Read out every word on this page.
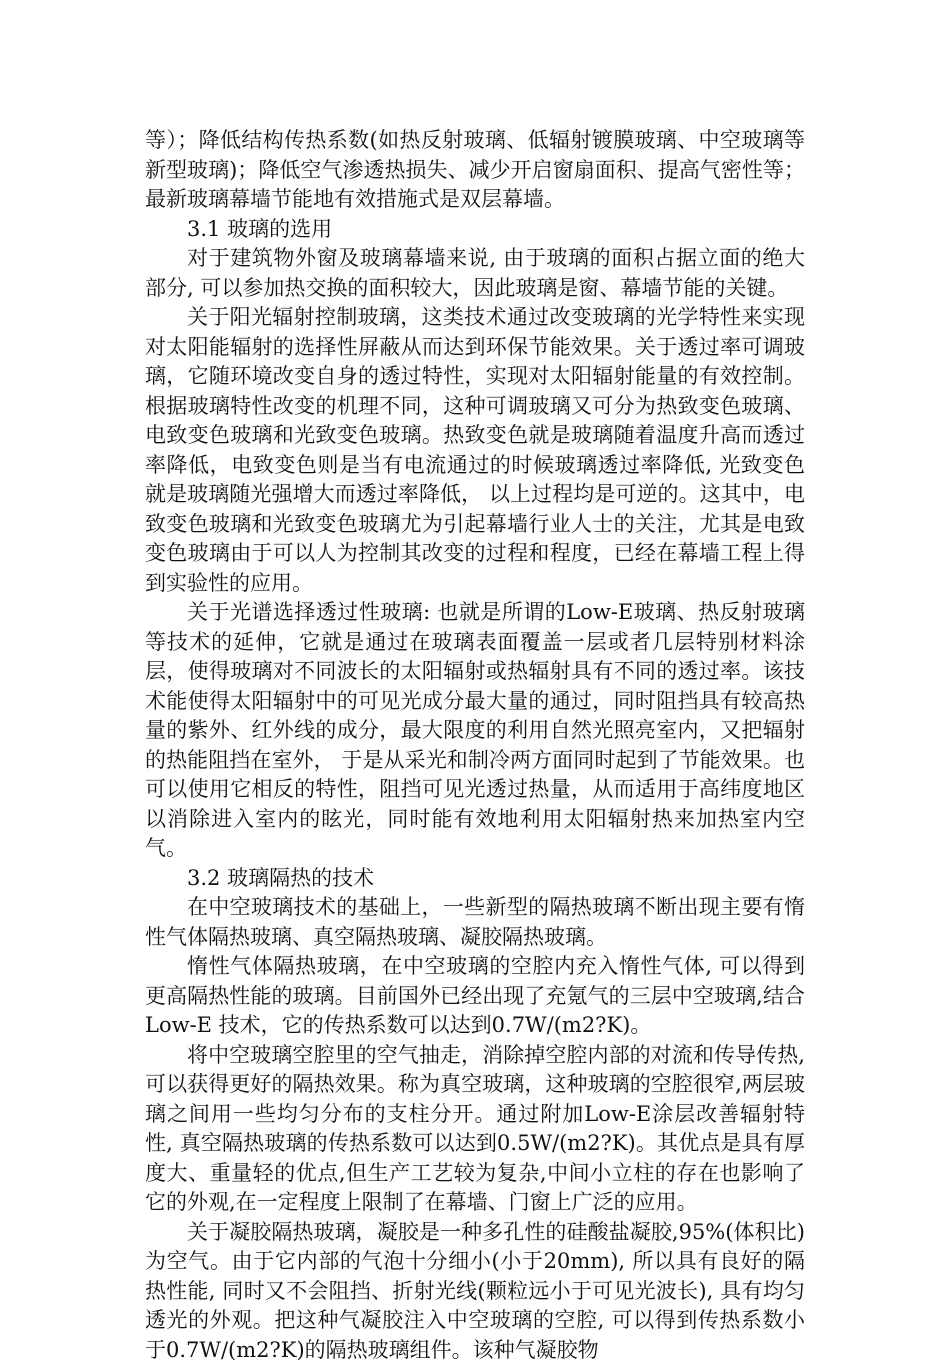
等）；降低结构传热系数(如热反射玻璃、低辐射镀膜玻璃、中空玻璃等新型玻璃)；降低空气渗透热损失、减少开启窗扇面积、提高气密性等；最新玻璃幕墙节能地有效措施式是双层幕墙。

3.1 玻璃的选用

对于建筑物外窗及玻璃幕墙来说, 由于玻璃的面积占据立面的绝大部分, 可以参加热交换的面积较大，因此玻璃是窗、幕墙节能的关键。

关于阳光辐射控制玻璃，这类技术通过改变玻璃的光学特性来实现对太阳能辐射的选择性屏蔽从而达到环保节能效果。关于透过率可调玻璃，它随环境改变自身的透过特性，实现对太阳辐射能量的有效控制。根据玻璃特性改变的机理不同，这种可调玻璃又可分为热致变色玻璃、电致变色玻璃和光致变色玻璃。热致变色就是玻璃随着温度升高而透过率降低，电致变色则是当有电流通过的时候玻璃透过率降低, 光致变色就是玻璃随光强增大而透过率降低， 以上过程均是可逆的。这其中，电致变色玻璃和光致变色玻璃尤为引起幕墙行业人士的关注，尤其是电致变色玻璃由于可以人为控制其改变的过程和程度，已经在幕墙工程上得到实验性的应用。

关于光谱选择透过性玻璃: 也就是所谓的Low-E玻璃、热反射玻璃等技术的延伸，它就是通过在玻璃表面覆盖一层或者几层特别材料涂层，使得玻璃对不同波长的太阳辐射或热辐射具有不同的透过率。该技术能使得太阳辐射中的可见光成分最大量的通过，同时阻挡具有较高热量的紫外、红外线的成分，最大限度的利用自然光照亮室内，又把辐射的热能阻挡在室外， 于是从采光和制冷两方面同时起到了节能效果。也可以使用它相反的特性，阻挡可见光透过热量，从而适用于高纬度地区以消除进入室内的眩光，同时能有效地利用太阳辐射热来加热室内空气。

3.2 玻璃隔热的技术

在中空玻璃技术的基础上，一些新型的隔热玻璃不断出现主要有惰性气体隔热玻璃、真空隔热玻璃、凝胶隔热玻璃。

惰性气体隔热玻璃，在中空玻璃的空腔内充入惰性气体, 可以得到更高隔热性能的玻璃。目前国外已经出现了充氪气的三层中空玻璃,结合Low-E 技术，它的传热系数可以达到0.7W/(m2?K)。

将中空玻璃空腔里的空气抽走，消除掉空腔内部的对流和传导传热,可以获得更好的隔热效果。称为真空玻璃，这种玻璃的空腔很窄,两层玻璃之间用一些均匀分布的支柱分开。通过附加Low-E涂层改善辐射特性, 真空隔热玻璃的传热系数可以达到0.5W/(m2?K)。其优点是具有厚度大、重量轻的优点,但生产工艺较为复杂,中间小立柱的存在也影响了它的外观,在一定程度上限制了在幕墙、门窗上广泛的应用。

关于凝胶隔热玻璃，凝胶是一种多孔性的硅酸盐凝胶,95%(体积比)为空气。由于它内部的气泡十分细小(小于20mm), 所以具有良好的隔热性能, 同时又不会阻挡、折射光线(颗粒远小于可见光波长), 具有均匀透光的外观。把这种气凝胶注入中空玻璃的空腔, 可以得到传热系数小于0.7W/(m2?K)的隔热玻璃组件。该种气凝胶物
